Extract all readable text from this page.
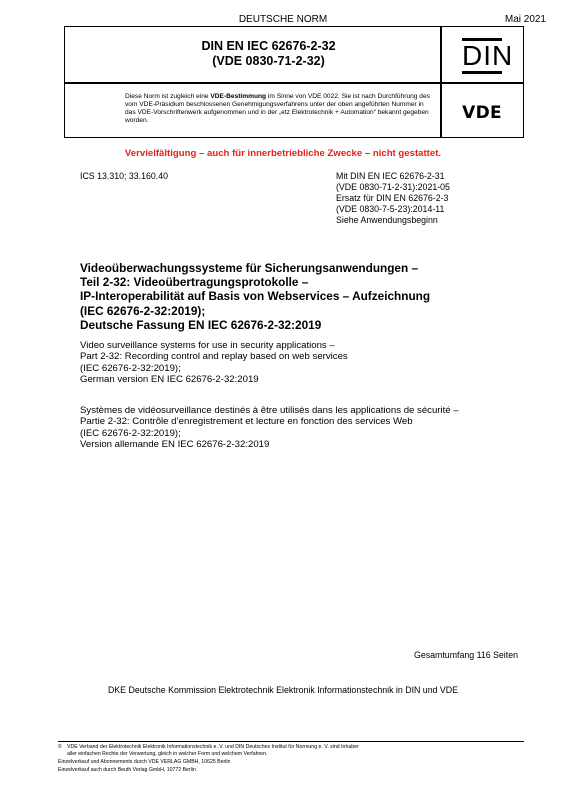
DEUTSCHE NORM	Mai 2021
DIN EN IEC 62676-2-32
(VDE 0830-71-2-32)	DIN
Diese Norm ist zugleich eine VDE-Bestimmung im Sinne von VDE 0022. Sie ist nach Durchführung des vom VDE-Präsidium beschlossenen Genehmigungsverfahrens unter der oben angeführten Nummer in das VDE-Vorschriftenwerk aufgenommen und in der „etz Elektrotechnik + Automation“ bekannt gegeben worden.	VDE
Vervielfältigung – auch für innerbetriebliche Zwecke – nicht gestattet.
ICS 13.310; 33.160.40	Mit DIN EN IEC 62676-2-31
(VDE 0830-71-2-31):2021-05
Ersatz für DIN EN 62676-2-3
(VDE 0830-7-5-23):2014-11
Siehe Anwendungsbeginn
Videoüberwachungssysteme für Sicherungsanwendungen –
Teil 2-32: Videoübertragungsprotokolle –
IP-Interoperabilität auf Basis von Webservices – Aufzeichnung
(IEC 62676-2-32:2019);
Deutsche Fassung EN IEC 62676-2-32:2019
Video surveillance systems for use in security applications –
Part 2-32: Recording control and replay based on web services
(IEC 62676-2-32:2019);
German version EN IEC 62676-2-32:2019
Systèmes de vidéosurveillance destinés à être utilisés dans les applications de sécurité –
Partie 2-32: Contrôle d’enregistrement et lecture en fonction des services Web
(IEC 62676-2-32:2019);
Version allemande EN IEC 62676-2-32:2019
Gesamtumfang 116 Seiten
DKE Deutsche Kommission Elektrotechnik Elektronik Informationstechnik in DIN und VDE
© VDE Verband der Elektrotechnik Elektronik Informationstechnik e. V. und DIN Deutsches Institut für Normung e. V. sind Inhaber
aller einfachen Rechte der Verwertung, gleich in welcher Form und welchem Verfahren.
Einzelverkauf und Abonnements durch VDE VERLAG GMBH, 10625 Berlin
Einzelverkauf auch durch Beuth Verlag GmbH, 10772 Berlin
